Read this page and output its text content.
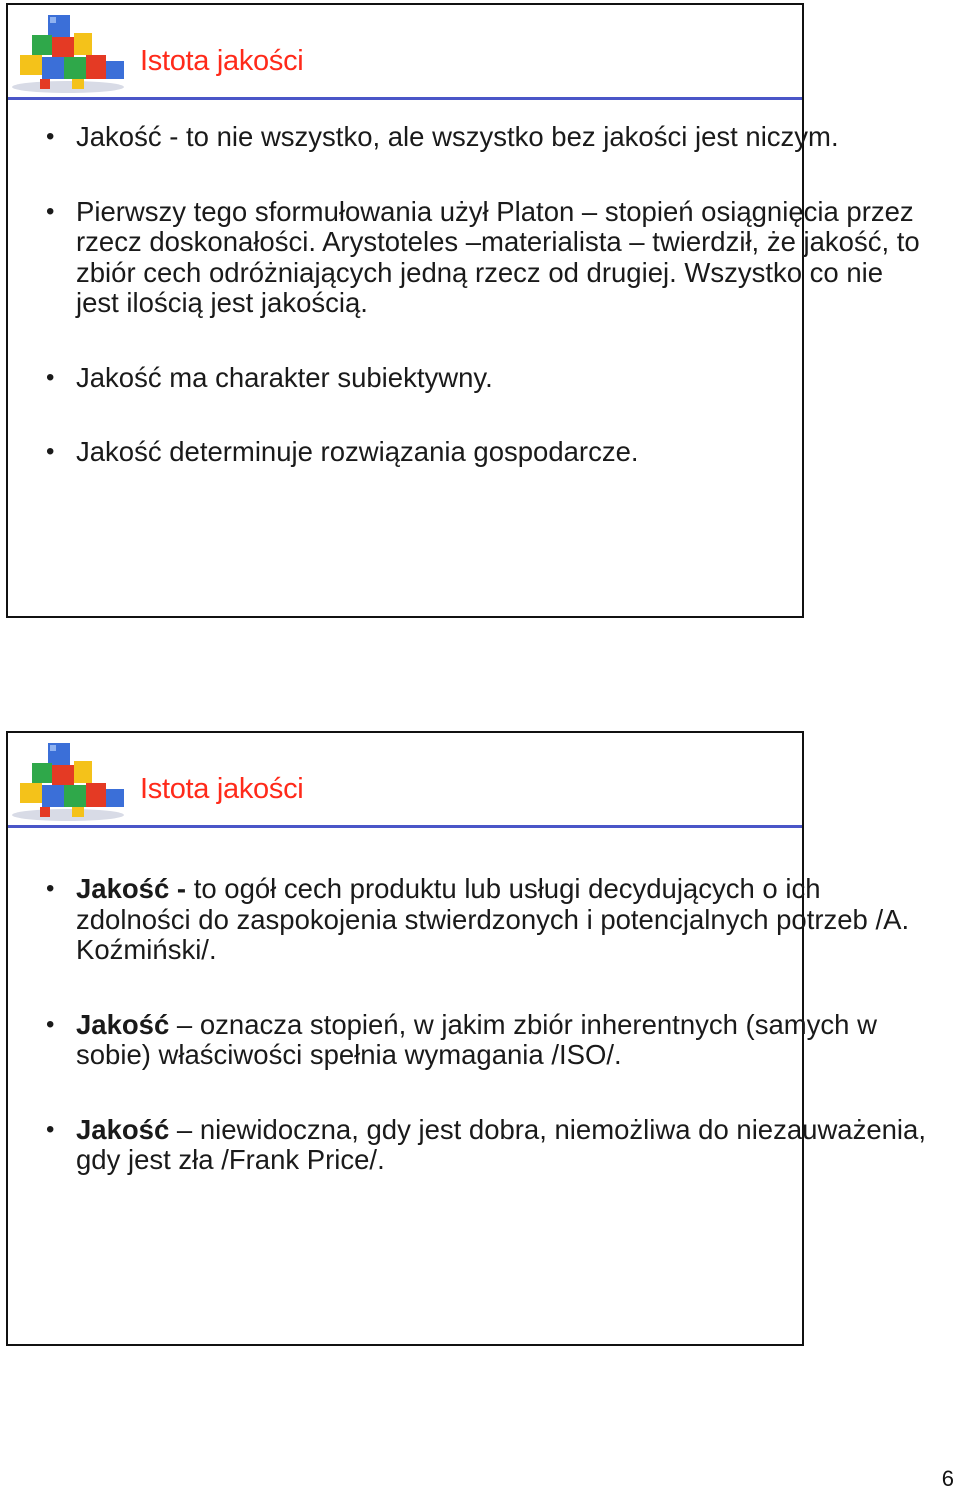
Istota jakości
• Jakość - to nie wszystko, ale wszystko bez jakości jest niczym.
• Pierwszy tego sformułowania użył Platon – stopień osiągnięcia przez rzecz doskonałości. Arystoteles –materialista – twierdził, że jakość, to zbiór cech odróżniających jedną rzecz od drugiej. Wszystko co nie jest ilością jest jakością.
• Jakość ma charakter subiektywny.
• Jakość determinuje rozwiązania gospodarcze.
Istota jakości
• Jakość - to ogół cech produktu lub usługi decydujących o ich zdolności do zaspokojenia stwierdzonych i potencjalnych potrzeb /A. Koźmiński/.
• Jakość – oznacza stopień, w jakim zbiór inherentnych (samych w sobie) właściwości spełnia wymagania /ISO/.
• Jakość – niewidoczna, gdy jest dobra, niemożliwa do niezauważenia, gdy jest zła /Frank Price/.
6
